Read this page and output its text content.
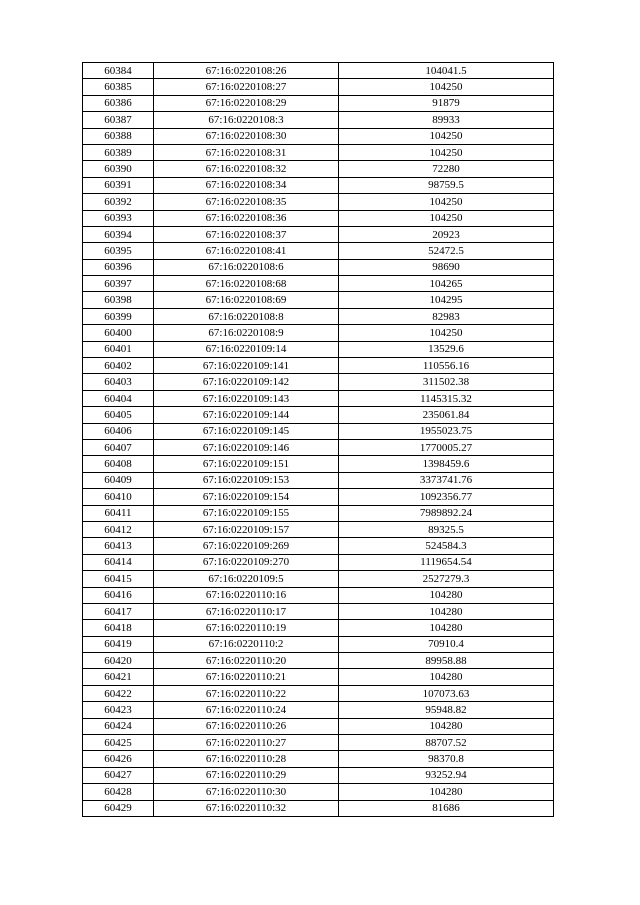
60384	67:16:0220108:26	104041.5
60385	67:16:0220108:27	104250
60386	67:16:0220108:29	91879
60387	67:16:0220108:3	89933
60388	67:16:0220108:30	104250
60389	67:16:0220108:31	104250
60390	67:16:0220108:32	72280
60391	67:16:0220108:34	98759.5
60392	67:16:0220108:35	104250
60393	67:16:0220108:36	104250
60394	67:16:0220108:37	20923
60395	67:16:0220108:41	52472.5
60396	67:16:0220108:6	98690
60397	67:16:0220108:68	104265
60398	67:16:0220108:69	104295
60399	67:16:0220108:8	82983
60400	67:16:0220108:9	104250
60401	67:16:0220109:14	13529.6
60402	67:16:0220109:141	110556.16
60403	67:16:0220109:142	311502.38
60404	67:16:0220109:143	1145315.32
60405	67:16:0220109:144	235061.84
60406	67:16:0220109:145	1955023.75
60407	67:16:0220109:146	1770005.27
60408	67:16:0220109:151	1398459.6
60409	67:16:0220109:153	3373741.76
60410	67:16:0220109:154	1092356.77
60411	67:16:0220109:155	7989892.24
60412	67:16:0220109:157	89325.5
60413	67:16:0220109:269	524584.3
60414	67:16:0220109:270	1119654.54
60415	67:16:0220109:5	2527279.3
60416	67:16:0220110:16	104280
60417	67:16:0220110:17	104280
60418	67:16:0220110:19	104280
60419	67:16:0220110:2	70910.4
60420	67:16:0220110:20	89958.88
60421	67:16:0220110:21	104280
60422	67:16:0220110:22	107073.63
60423	67:16:0220110:24	95948.82
60424	67:16:0220110:26	104280
60425	67:16:0220110:27	88707.52
60426	67:16:0220110:28	98370.8
60427	67:16:0220110:29	93252.94
60428	67:16:0220110:30	104280
60429	67:16:0220110:32	81686
